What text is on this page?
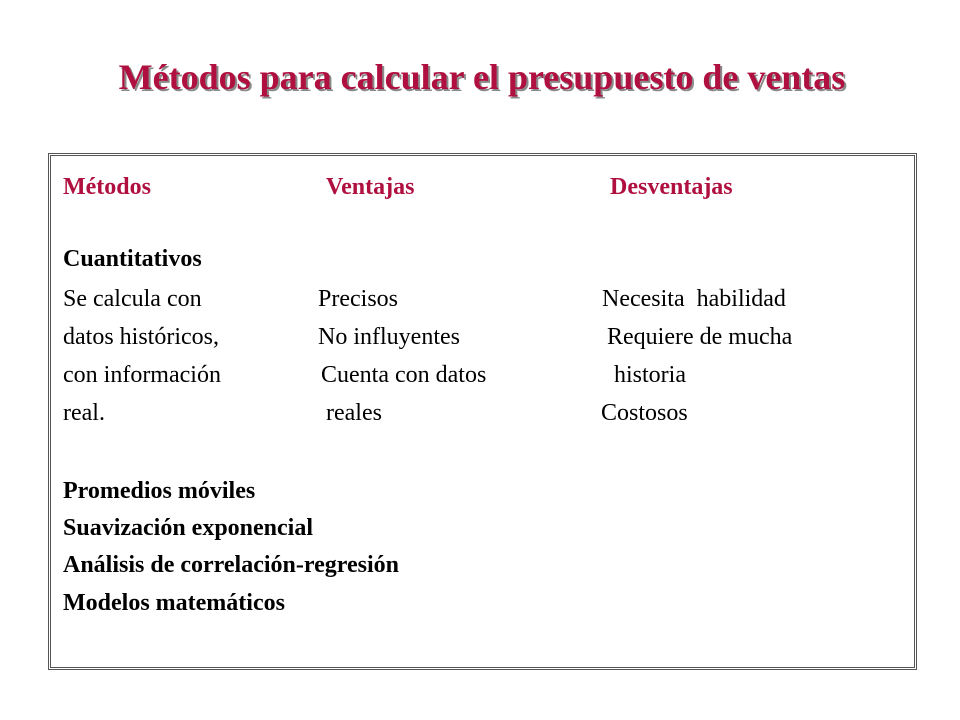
Métodos para calcular el presupuesto de ventas
Métodos	Ventajas	Desventajas
Cuantitativos
Se calcula con	Precisos	Necesita  habilidad
datos históricos,	No influyentes	Requiere de mucha
con información	Cuenta con datos	historia
real.	reales	Costosos
Promedios móviles
Suavización exponencial
Análisis de correlación-regresión
Modelos matemáticos
